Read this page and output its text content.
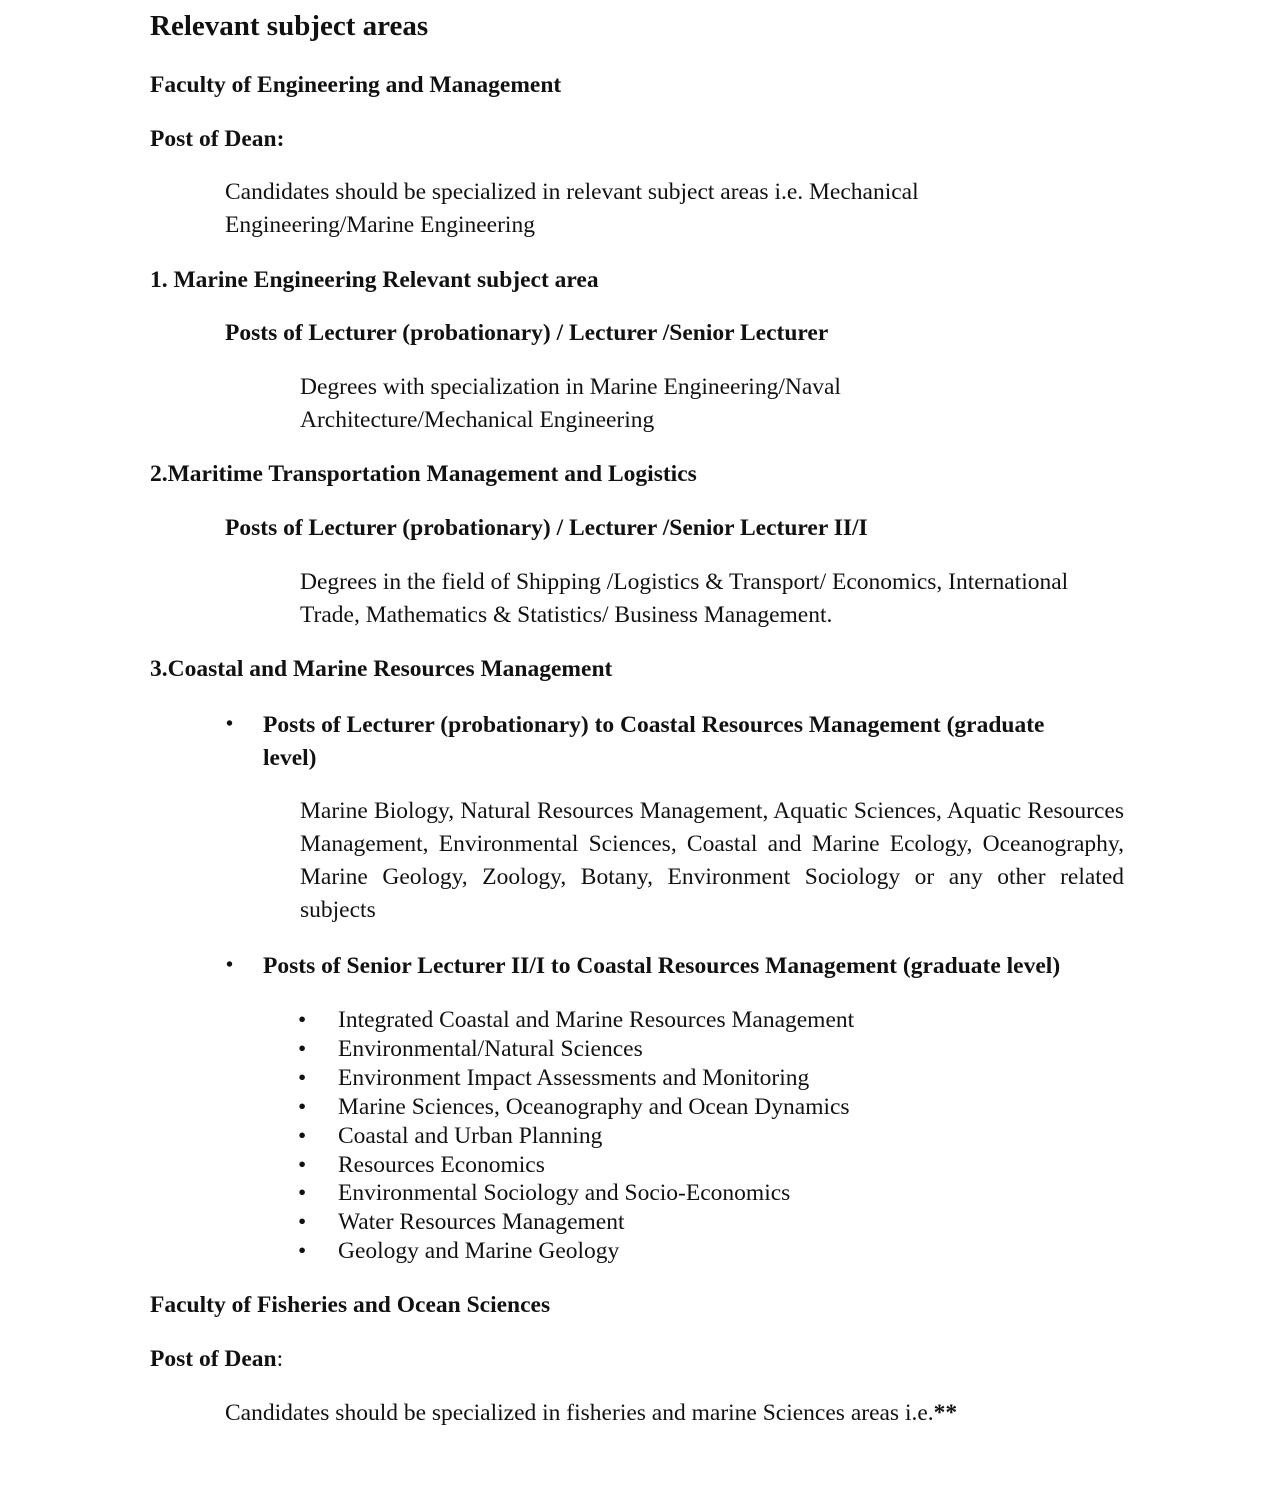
Relevant subject areas
Faculty of Engineering and Management
Post of Dean:
Candidates should be specialized in relevant subject areas i.e. Mechanical
Engineering/Marine Engineering
1. Marine Engineering Relevant subject area
Posts of Lecturer (probationary) / Lecturer /Senior Lecturer
Degrees with specialization in Marine Engineering/Naval
Architecture/Mechanical Engineering
2.Maritime Transportation Management and Logistics
Posts of Lecturer (probationary) / Lecturer /Senior Lecturer II/I
Degrees in the field of Shipping /Logistics & Transport/ Economics, International
Trade, Mathematics & Statistics/ Business Management.
3.Coastal and Marine Resources Management
• Posts of Lecturer (probationary) to Coastal Resources Management (graduate
level)
Marine Biology, Natural Resources Management, Aquatic Sciences, Aquatic Resources Management, Environmental Sciences, Coastal and Marine Ecology, Oceanography, Marine Geology, Zoology, Botany, Environment Sociology or any other related subjects
• Posts of Senior Lecturer II/I to Coastal Resources Management (graduate level)
• Integrated Coastal and Marine Resources Management
• Environmental/Natural Sciences
• Environment Impact Assessments and Monitoring
• Marine Sciences, Oceanography and Ocean Dynamics
• Coastal and Urban Planning
• Resources Economics
• Environmental Sociology and Socio-Economics
• Water Resources Management
• Geology and Marine Geology
Faculty of Fisheries and Ocean Sciences
Post of Dean:
Candidates should be specialized in fisheries and marine Sciences areas i.e.**
